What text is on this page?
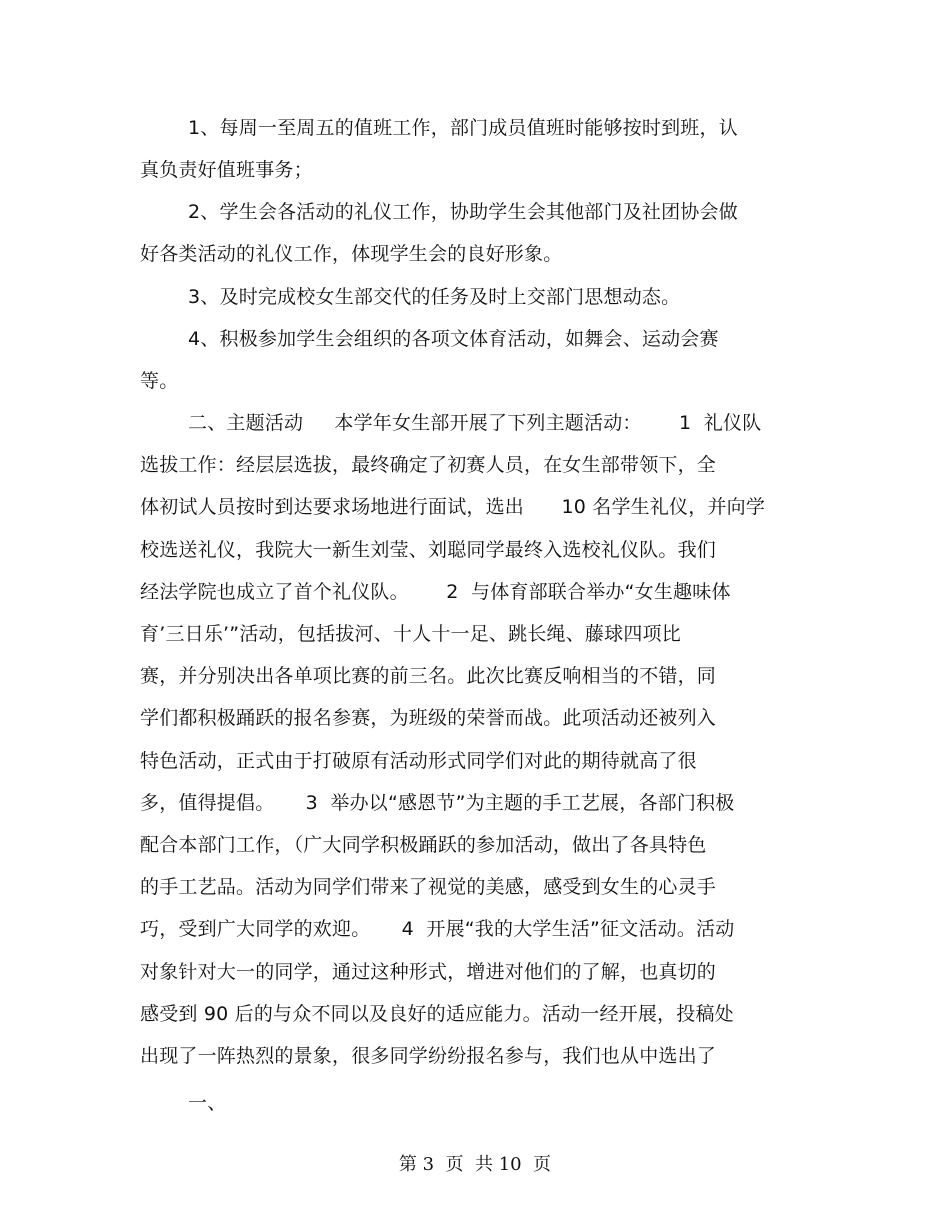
1、每周一至周五的值班工作，部门成员值班时能够按时到班，认
真负责好值班事务；
2、学生会各活动的礼仪工作，协助学生会其他部门及社团协会做
好各类活动的礼仪工作，体现学生会的良好形象。
3、及时完成校女生部交代的任务及时上交部门思想动态。
4、积极参加学生会组织的各项文体育活动，如舞会、运动会赛
等。
二、主题活动     本学年女生部开展了下列主题活动：      1  礼仪队
选拔工作：经层层选拔，最终确定了初赛人员，在女生部带领下，全
体初试人员按时到达要求场地进行面试，选出      10 名学生礼仪，并向学
校选送礼仪，我院大一新生刘莹、刘聪同学最终入选校礼仪队。我们
经法学院也成立了首个礼仪队。      2  与体育部联合举办“女生趣味体
育’三日乐’”活动，包括拔河、十人十一足、跳长绳、藤球四项比
赛，并分别决出各单项比赛的前三名。此次比赛反响相当的不错，同
学们都积极踊跃的报名参赛，为班级的荣誉而战。此项活动还被列入
特色活动，正式由于打破原有活动形式同学们对此的期待就高了很
多，值得提倡。     3  举办以“感恩节”为主题的手工艺展，各部门积极
配合本部门工作，（广大同学积极踊跃的参加活动，做出了各具特色
的手工艺品。活动为同学们带来了视觉的美感，感受到女生的心灵手
巧，受到广大同学的欢迎。     4  开展“我的大学生活”征文活动。活动
对象针对大一的同学，通过这种形式，增进对他们的了解，也真切的
感受到 90 后的与众不同以及良好的适应能力。活动一经开展，投稿处
出现了一阵热烈的景象，很多同学纷纷报名参与，我们也从中选出了
一、
第 3  页  共 10  页
